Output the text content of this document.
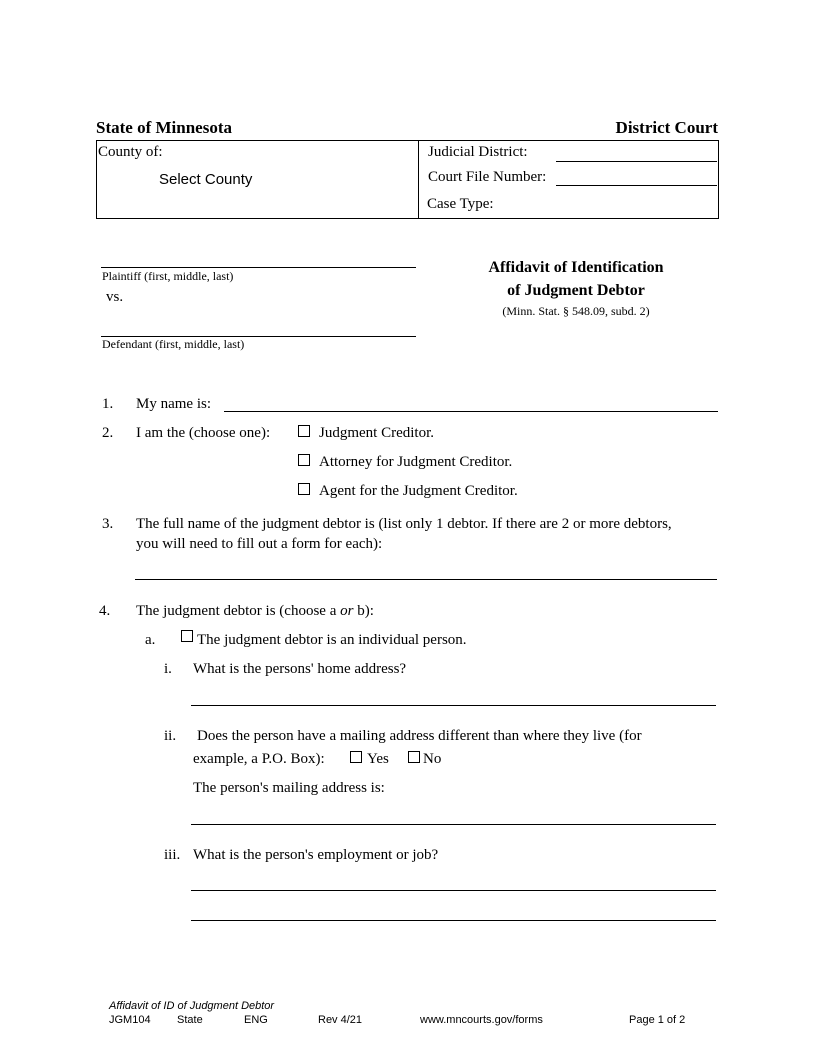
State of Minnesota	District Court
County of:
Select County
Judicial District:
Court File Number:
Case Type:
Plaintiff (first, middle, last)
vs.
Defendant (first, middle, last)
Affidavit of Identification
of Judgment Debtor
(Minn. Stat. § 548.09, subd. 2)
1. My name is:
2. I am the (choose one):	Judgment Creditor.
Attorney for Judgment Creditor.
Agent for the Judgment Creditor.
3. The full name of the judgment debtor is (list only 1 debtor. If there are 2 or more debtors,
you will need to fill out a form for each):
4. The judgment debtor is (choose a or b):
a.	The judgment debtor is an individual person.
i. What is the persons' home address?
ii. Does the person have a mailing address different than where they live (for
example, a P.O. Box):	Yes No
The person's mailing address is:
iii. What is the person's employment or job?
Affidavit of ID of Judgment Debtor
JGM104 State	ENG	Rev 4/21	www.mncourts.gov/forms	Page 1 of 2
